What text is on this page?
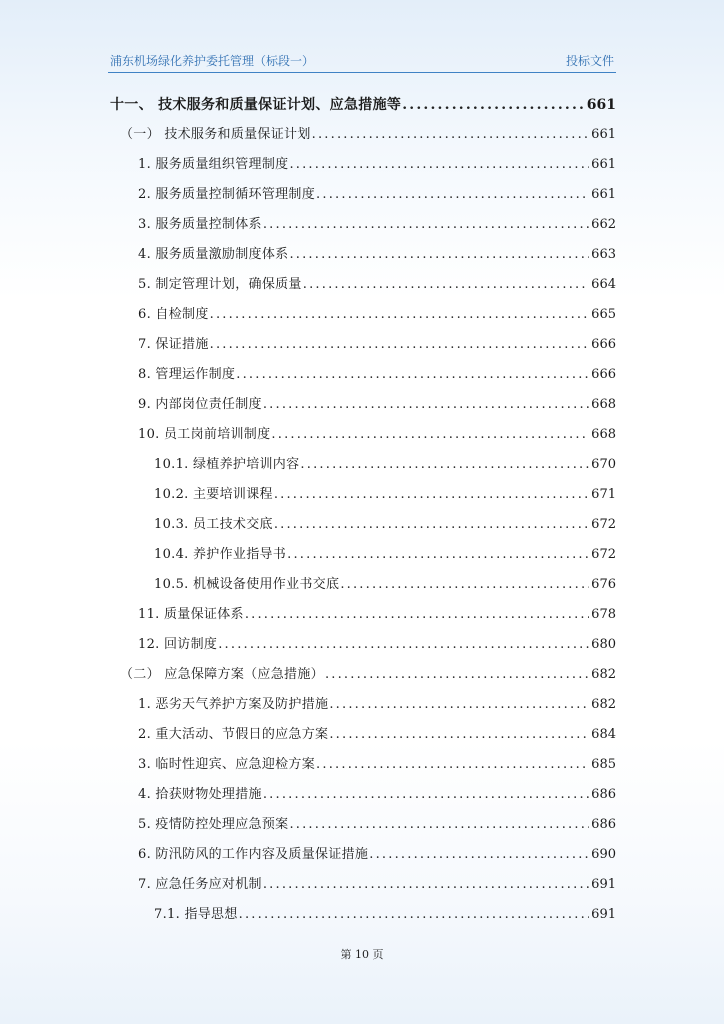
浦东机场绿化养护委托管理（标段一）	投标文件
十一、 技术服务和质量保证计划、应急措施等 .....	661
（一） 技术服务和质量保证计划 .....	661
1. 服务质量组织管理制度 .....	661
2. 服务质量控制循环管理制度 .....	661
3. 服务质量控制体系 .....	662
4. 服务质量激励制度体系 .....	663
5. 制定管理计划，确保质量 .....	664
6. 自检制度 .....	665
7. 保证措施 .....	666
8. 管理运作制度 .....	666
9. 内部岗位责任制度 .....	668
10. 员工岗前培训制度 .....	668
10.1. 绿植养护培训内容 .....	670
10.2. 主要培训课程 .....	671
10.3. 员工技术交底 .....	672
10.4. 养护作业指导书 .....	672
10.5. 机械设备使用作业书交底 .....	676
11. 质量保证体系 .....	678
12. 回访制度 .....	680
（二） 应急保障方案（应急措施） .....	682
1. 恶劣天气养护方案及防护措施 .....	682
2. 重大活动、节假日的应急方案 .....	684
3. 临时性迎宾、应急迎检方案 .....	685
4. 拾获财物处理措施 .....	686
5. 疫情防控处理应急预案 .....	686
6. 防汛防风的工作内容及质量保证措施 .....	690
7. 应急任务应对机制 .....	691
7.1. 指导思想 .....	691
第 10 页
